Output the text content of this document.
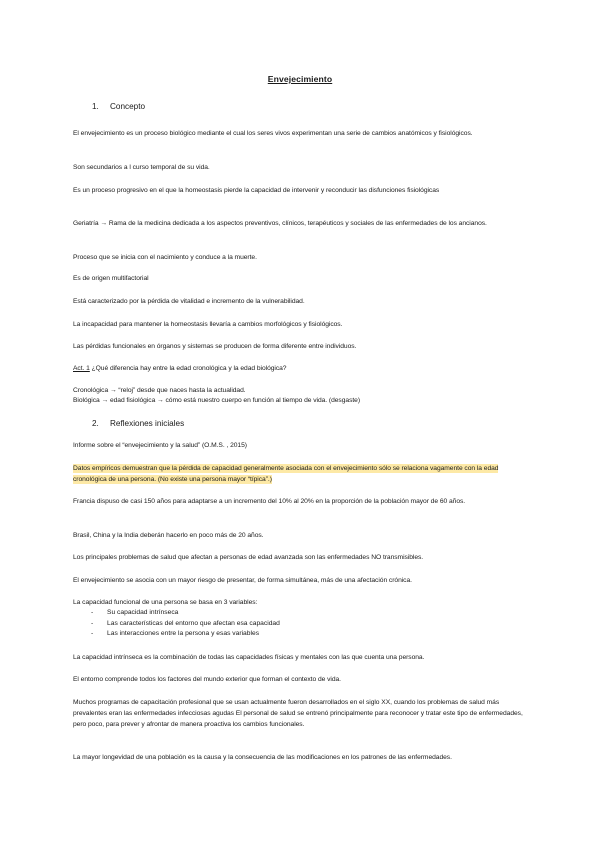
Envejecimiento
1. Concepto
El envejecimiento es un proceso biológico mediante el cual los seres vivos experimentan una serie de cambios anatómicos y fisiológicos.
Son secundarios a l curso temporal de su vida.
Es un proceso progresivo en el que la homeostasis pierde la capacidad de intervenir y reconducir las disfunciones fisiológicas
Geriatría → Rama de la medicina dedicada a los aspectos preventivos, clínicos, terapéuticos y sociales de las enfermedades de los ancianos.
Proceso que se inicia con el nacimiento y conduce a la muerte.
Es de origen multifactorial
Está caracterizado por la pérdida de vitalidad e incremento de la vulnerabilidad.
La incapacidad para mantener la homeostasis llevaría a cambios morfológicos y fisiológicos.
Las pérdidas funcionales en órganos y sistemas se producen de forma diferente entre individuos.
Act. 1 ¿Qué diferencia hay entre la edad cronológica y la edad biológica?
Cronológica → “reloj” desde que naces hasta la actualidad.
Biológica → edad fisiológica → cómo está nuestro cuerpo en función al tiempo de vida. (desgaste)
2. Reflexiones iniciales
Informe sobre el “envejecimiento y la salud” (O.M.S. , 2015)
Datos empíricos demuestran que la pérdida de capacidad generalmente asociada con el envejecimiento sólo se relaciona vagamente con la edad cronológica de una persona. (No existe una persona mayor “típica”.)
Francia dispuso de casi 150 años para adaptarse a un incremento del 10% al 20% en la proporción de la población mayor de 60 años.
Brasil, China y la India deberán hacerlo en poco más de 20 años.
Los principales problemas de salud que afectan a personas de edad avanzada son las enfermedades NO transmisibles.
El envejecimiento se asocia con un mayor riesgo de presentar, de forma simultánea, más de una afectación crónica.
La capacidad funcional de una persona se basa en 3 variables:
- Su capacidad intrínseca
- Las características del entorno que afectan esa capacidad
- Las interacciones entre la persona y esas variables
La capacidad intrínseca es la combinación de todas las capacidades físicas y mentales con las que cuenta una persona.
El entorno comprende todos los factores del mundo exterior que forman el contexto de vida.
Muchos programas de capacitación profesional que se usan actualmente fueron desarrollados en el siglo XX, cuando los problemas de salud más prevalentes eran las enfermedades infecciosas agudas El personal de salud se entrenó principalmente para reconocer y tratar este tipo de enfermedades, pero poco, para prever y afrontar de manera proactiva los cambios funcionales.
La mayor longevidad de una población es la causa y la consecuencia de las modificaciones en los patrones de las enfermedades.
